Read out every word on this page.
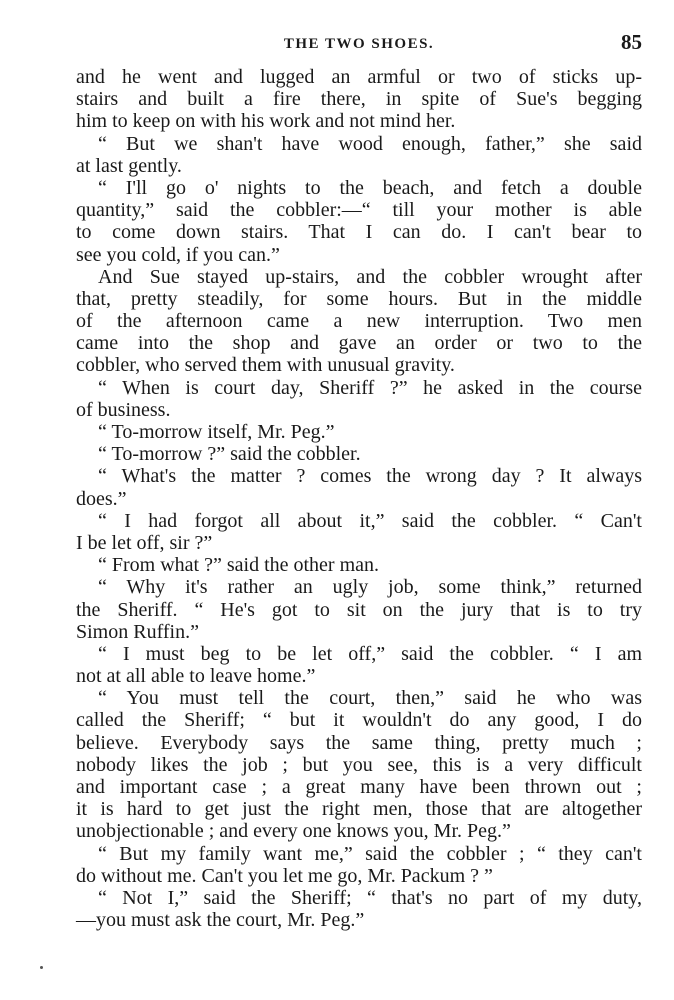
THE TWO SHOES.	85
and he went and lugged an armful or two of sticks up-
stairs and built a fire there, in spite of Sue's begging
him to keep on with his work and not mind her.
“ But we shan't have wood enough, father,” she said
at last gently.
“ I'll go o' nights to the beach, and fetch a double
quantity,” said the cobbler:—“ till your mother is able
to come down stairs. That I can do. I can't bear to
see you cold, if you can.”
And Sue stayed up-stairs, and the cobbler wrought after
that, pretty steadily, for some hours. But in the middle
of the afternoon came a new interruption. Two men
came into the shop and gave an order or two to the
cobbler, who served them with unusual gravity.
“ When is court day, Sheriff ?” he asked in the course
of business.
“ To-morrow itself, Mr. Peg.”
“ To-morrow ?” said the cobbler.
“ What's the matter ? comes the wrong day ? It always
does.”
“ I had forgot all about it,” said the cobbler. “ Can't
I be let off, sir ?”
“ From what ?” said the other man.
“ Why it's rather an ugly job, some think,” returned
the Sheriff. “ He's got to sit on the jury that is to try
Simon Ruffin.”
“ I must beg to be let off,” said the cobbler. “ I am
not at all able to leave home.”
“ You must tell the court, then,” said he who was
called the Sheriff; “ but it wouldn't do any good, I do
believe. Everybody says the same thing, pretty much ;
nobody likes the job ; but you see, this is a very difficult
and important case ; a great many have been thrown out ;
it is hard to get just the right men, those that are altogether
unobjectionable ; and every one knows you, Mr. Peg.”
“ But my family want me,” said the cobbler ; “ they can't
do without me. Can't you let me go, Mr. Packum ? ”
“ Not I,” said the Sheriff; “ that's no part of my duty,
—you must ask the court, Mr. Peg.”
